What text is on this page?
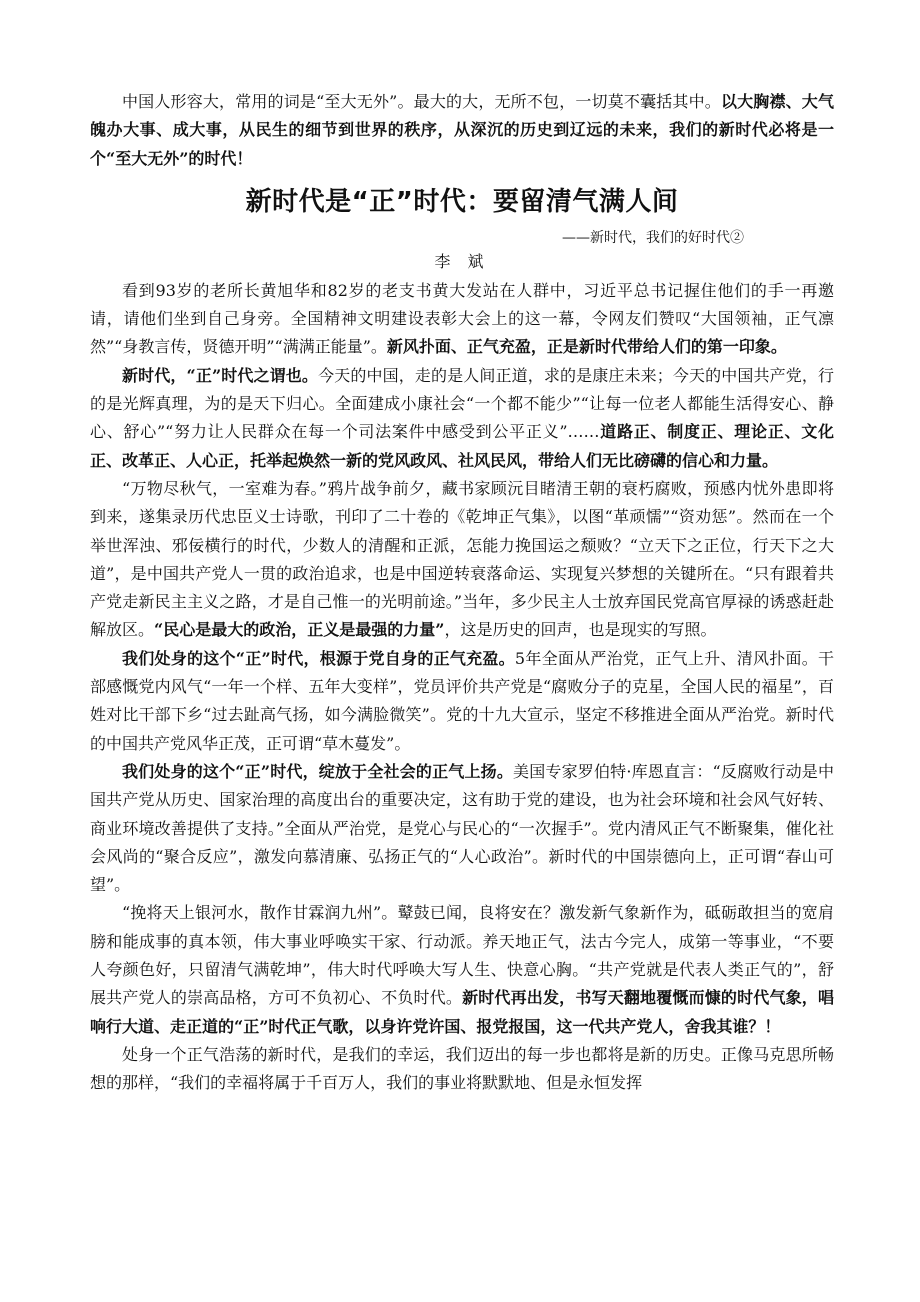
中国人形容大，常用的词是“至大无外”。最大的大，无所不包，一切莫不囊括其中。以大胸襟、大气魄办大事、成大事，从民生的细节到世界的秩序，从深沉的历史到辽远的未来，我们的新时代必将是一个“至大无外”的时代！

新时代是“正”时代：要留清气满人间
——新时代，我们的好时代②
李 斌

看到93岁的老所长黄旭华和82岁的老支书黄大发站在人群中，习近平总书记握住他们的手一再邀请，请他们坐到自己身旁。全国精神文明建设表彰大会上的这一幕，令网友们赞叹“大国领袖，正气凛然”“身教言传，贤德开明”“满满正能量”。新风扑面、正气充盈，正是新时代带给人们的第一印象。

新时代，“正”时代之谓也。今天的中国，走的是人间正道，求的是康庄未来；今天的中国共产党，行的是光辉真理，为的是天下归心。全面建成小康社会“一个都不能少”“让每一位老人都能生活得安心、静心、舒心”“努力让人民群众在每一个司法案件中感受到公平正义”……道路正、制度正、理论正、文化正、改革正、人心正，托举起焕然一新的党风政风、社风民风，带给人们无比磅礴的信心和力量。

“万物尽秋气，一室难为春。”鸦片战争前夕，藏书家顾沅目睹清王朝的衰朽腐败，预感内忧外患即将到来，遂集录历代忠臣义士诗歌，刊印了二十卷的《乾坤正气集》，以图“革顽懦”“资劝惩”。然而在一个举世浑浊、邪佞横行的时代，少数人的清醒和正派，怎能力挽国运之颓败？“立天下之正位，行天下之大道”，是中国共产党人一贯的政治追求，也是中国逆转衰落命运、实现复兴梦想的关键所在。“只有跟着共产党走新民主主义之路，才是自己惟一的光明前途。”当年，多少民主人士放弃国民党高官厚禄的诱惑赶赴解放区。“民心是最大的政治，正义是最强的力量”，这是历史的回声，也是现实的写照。

我们处身的这个“正”时代，根源于党自身的正气充盈。5年全面从严治党，正气上升、清风扑面。干部感慨党内风气“一年一个样、五年大变样”，党员评价共产党是“腐败分子的克星，全国人民的福星”，百姓对比干部下乡“过去趾高气扬，如今满脸微笑”。党的十九大宣示，坚定不移推进全面从严治党。新时代的中国共产党风华正茂，正可谓“草木蔓发”。

我们处身的这个“正”时代，绽放于全社会的正气上扬。美国专家罗伯特·库恩直言：“反腐败行动是中国共产党从历史、国家治理的高度出台的重要决定，这有助于党的建设，也为社会环境和社会风气好转、商业环境改善提供了支持。”全面从严治党，是党心与民心的“一次握手”。党内清风正气不断聚集，催化社会风尚的“聚合反应”，激发向慕清廉、弘扬正气的“人心政治”。新时代的中国崇德向上，正可谓“春山可望”。

“挽将天上银河水，散作甘霖润九州”。鼙鼓已闻，良将安在？激发新气象新作为，砥砺敢担当的宽肩膀和能成事的真本领，伟大事业呼唤实干家、行动派。养天地正气，法古今完人，成第一等事业，“不要人夸颜色好，只留清气满乾坤”，伟大时代呼唤大写人生、快意心胸。“共产党就是代表人类正气的”，舒展共产党人的崇高品格，方可不负初心、不负时代。新时代再出发，书写天翻地覆慨而慷的时代气象，唱响行大道、走正道的“正”时代正气歌，以身许党许国、报党报国，这一代共产党人，舍我其谁？！

处身一个正气浩荡的新时代，是我们的幸运，我们迈出的每一步也都将是新的历史。正像马克思所畅想的那样，“我们的幸福将属于千百万人，我们的事业将默默地、但是永恒发挥
